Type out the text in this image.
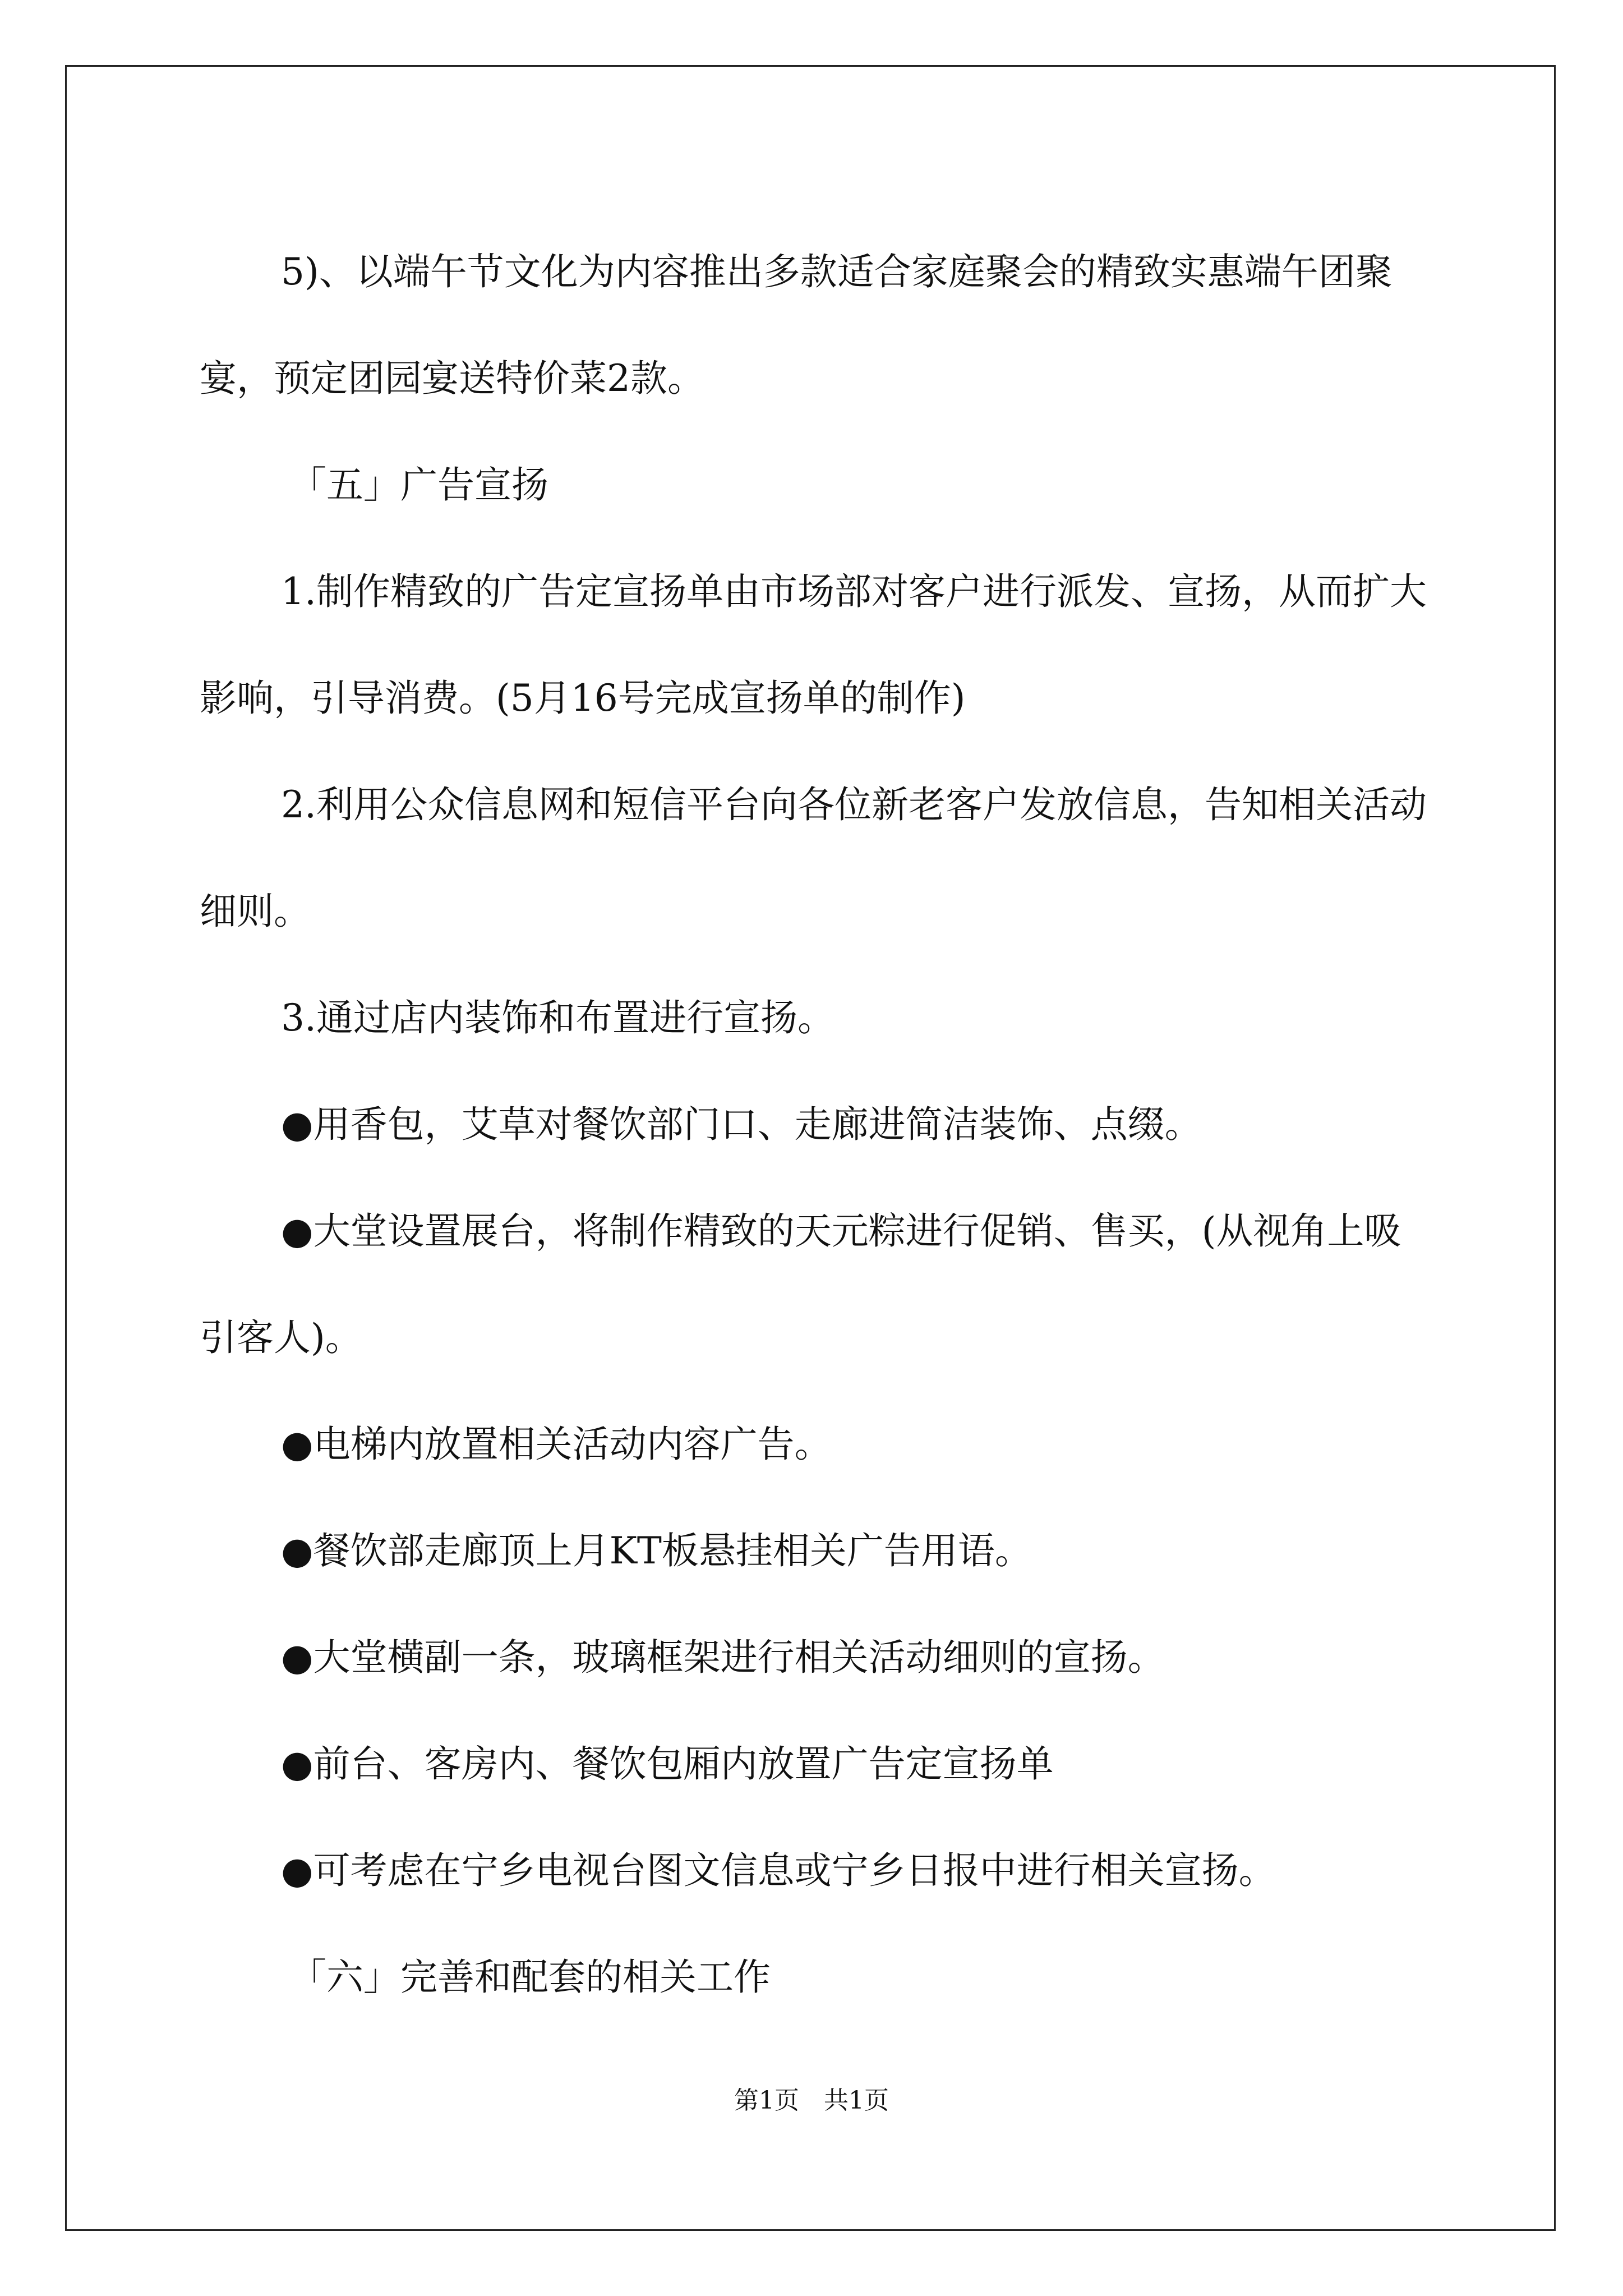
5)、以端午节文化为内容推出多款适合家庭聚会的精致实惠端午团聚宴，预定团园宴送特价菜2款。

「五」广告宣扬

1.制作精致的广告定宣扬单由市场部对客户进行派发、宣扬，从而扩大影响，引导消费。(5月16号完成宣扬单的制作)

2.利用公众信息网和短信平台向各位新老客户发放信息，告知相关活动细则。

3.通过店内装饰和布置进行宣扬。

●用香包，艾草对餐饮部门口、走廊进简洁装饰、点缀。

●大堂设置展台，将制作精致的天元粽进行促销、售买，(从视角上吸引客人)。

●电梯内放置相关活动内容广告。

●餐饮部走廊顶上月KT板悬挂相关广告用语。

●大堂横副一条，玻璃框架进行相关活动细则的宣扬。

●前台、客房内、餐饮包厢内放置广告定宣扬单

●可考虑在宁乡电视台图文信息或宁乡日报中进行相关宣扬。

「六」完善和配套的相关工作

第1页　共1页
